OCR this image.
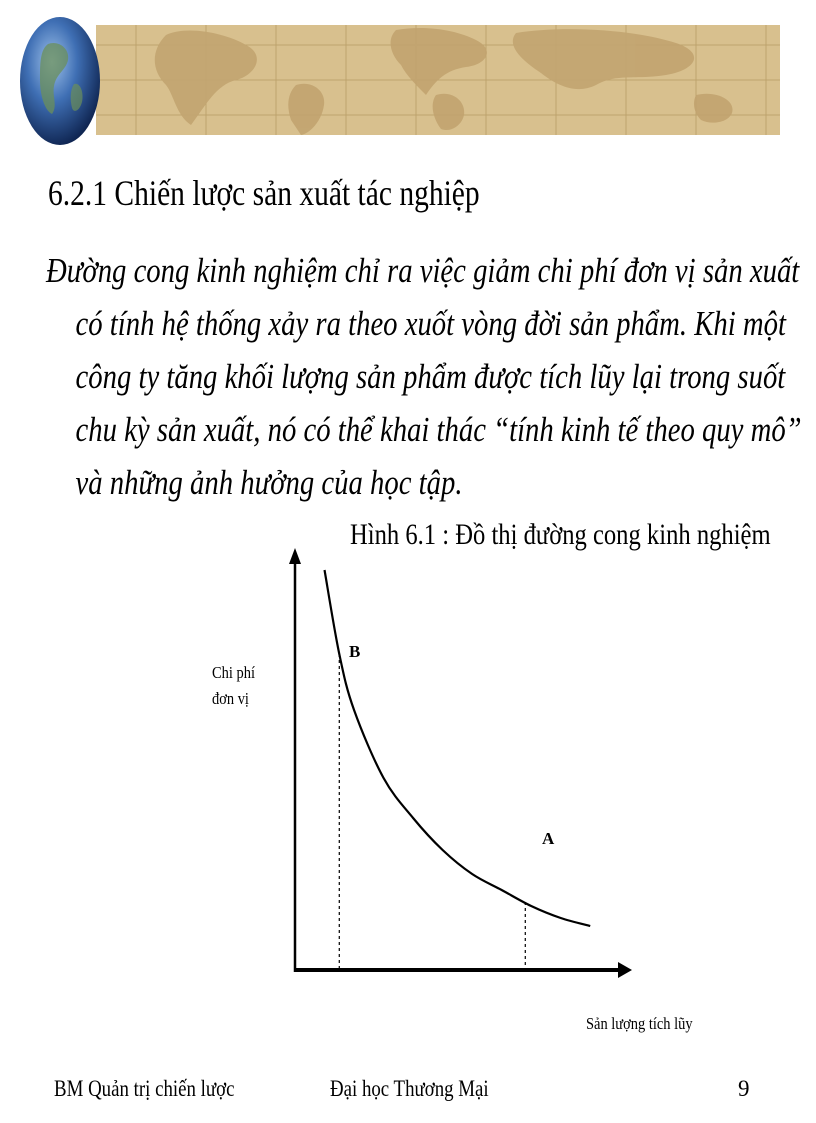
6.2.1 Chiến lược sản xuất tác nghiệp
Đường cong kinh nghiệm chỉ ra việc giảm chi phí đơn vị sản xuất
có tính hệ thống xảy ra theo xuốt vòng đời sản phẩm. Khi một
công ty tăng khối lượng sản phẩm được tích lũy lại trong suốt
chu kỳ sản xuất, nó có thể khai thác “tính kinh tế theo quy mô”
và những ảnh hưởng của học tập.
Hình 6.1 : Đồ thị đường cong kinh nghiệm
Chi phí
đơn vị
Sản lượng tích lũy
B
A
BM Quản trị chiến lược	Đại học Thương Mại	9
